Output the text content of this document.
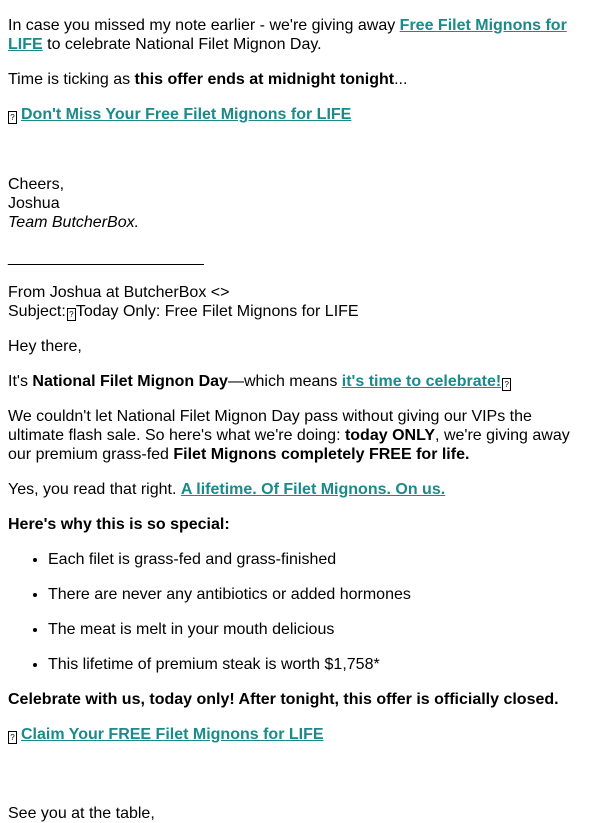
In case you missed my note earlier - we're giving away Free Filet Mignons for LIFE to celebrate National Filet Mignon Day.

Time is ticking as this offer ends at midnight tonight...

? Don't Miss Your Free Filet Mignons for LIFE

Cheers,
Joshua
Team ButcherBox.

______________________

From Joshua at ButcherBox <>
Subject: ? Today Only: Free Filet Mignons for LIFE

Hey there,

It's National Filet Mignon Day—which means it's time to celebrate! ?

We couldn't let National Filet Mignon Day pass without giving our VIPs the ultimate flash sale. So here's what we're doing: today ONLY, we're giving away our premium grass-fed Filet Mignons completely FREE for life.

Yes, you read that right. A lifetime. Of Filet Mignons. On us.

Here's why this is so special:

• Each filet is grass-fed and grass-finished
• There are never any antibiotics or added hormones
• The meat is melt in your mouth delicious
• This lifetime of premium steak is worth $1,758*

Celebrate with us, today only! After tonight, this offer is officially closed.

? Claim Your FREE Filet Mignons for LIFE

See you at the table,
